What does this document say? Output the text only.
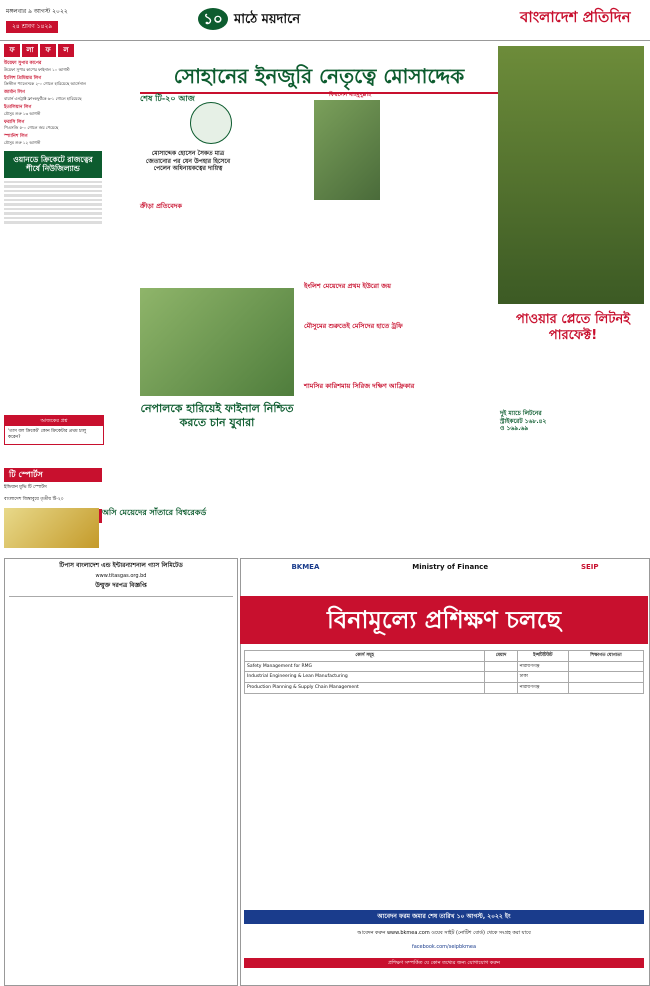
মঙ্গলবার ৯ আগস্ট ২০২২
২৪ শ্রাবণ ১৪২৯	১০ মাঠে ময়দানে	বাংলাদেশ প্রতিদিন
ফ	লা	ফ	ল

উয়েফা সুপার কাপের
উয়েফা সুপার কাপের ফাইনাল ১০ আগস্ট

ইংলিশ প্রিমিয়ার লিগ
ক্রিস্টাল প্যালেসকে ২-০ গোলে হারিয়েছে আর্সেনাল

জার্মান লিগ
বায়ার্ন এনট্রাক্ট ফ্রাংকফুর্টকে ৬-১ গোলে হারিয়েছে

ইতালিয়ান লিগ
মৌসুম শুরু ১৩ আগস্ট

ফরাসি লিগ
পিএসজি ৫-০ গোলে জয় পেয়েছে

স্প্যানিশ লিগ
মৌসুম শুরু ১২ আগস্ট

ওয়ানডে ক্রিকেটে রাজত্বের শীর্ষে নিউজিল্যান্ড
আজকের প্রশ্ন
'তাস বল ক্রিকেট' কোন ক্রিকেটার প্রথম চালু করেন?
টি স্পোর্টস
ইন্ডিয়ান মুভি টি স্পোর্টস
বাংলাদেশ জিম্বাবুয়ে তৃতীয় টি-২০
সোহানের ইনজুরি নেতৃত্বে মোসাদ্দেক
শেষ টি-২০ আজ
মোসাদ্দেক হোসেন সৈকত মাত্র জেতানোর পর যেন উপহার হিসেবে পেলেন অধিনায়কত্বের দায়িত্ব
ফিরলেন মাহমুদুল্লাহ
ক্রীড়া প্রতিবেদক
নেপালকে হারিয়েই ফাইনাল নিশ্চিত করতে চান যুবারা
পাওয়ার প্লেতে লিটনই পারফেক্ট!
দুই ম্যাচে লিটনের স্ট্রাইকরেট ১৬৮.৪২
ও ১৬৯.৬৯
ইংলিশ মেয়েদের প্রথম ইউরো জয়
মৌসুমের শুরুতেই মেসিদের হাতে ট্রফি
শামসির কারিশমায় সিরিজ দক্ষিণ আফ্রিকার
অসি মেয়েদের সাঁতারে বিশ্বরেকর্ড
টিপাস বাংলাদেশ এন্ড ইন্টারন্যাশনাল গ্যাস লিমিটেড
www.titasgas.org.bd
উন্মুক্ত দরপত্র বিজ্ঞপ্তি
BKMEA	Ministry of Finance	SEIP
বিনামূল্যে প্রশিক্ষণ চলছে
কোর্স সমূহ	মেয়াদ	ইন্সটিটিউট	শিক্ষাগত যোগ্যতা
Safety Management for RMG		নারায়ণগঞ্জ	
Industrial Engineering & Lean Manufacturing		ঢাকা	
Production Planning & Supply Chain Management		নারায়ণগঞ্জ	
আবেদন ফরম জমার শেষ তারিখ ১০ আগস্ট, ২০২২ ইং
আবেদন করুন www.bkmea.com ওয়েব সাইট (নোটিশ বোর্ড) থেকে সংগ্রহ করা যাবে
facebook.com/seipbkmea
প্রশিক্ষণ সম্পর্কিত যে কোন তথ্যের জন্য যোগাযোগ করুন
